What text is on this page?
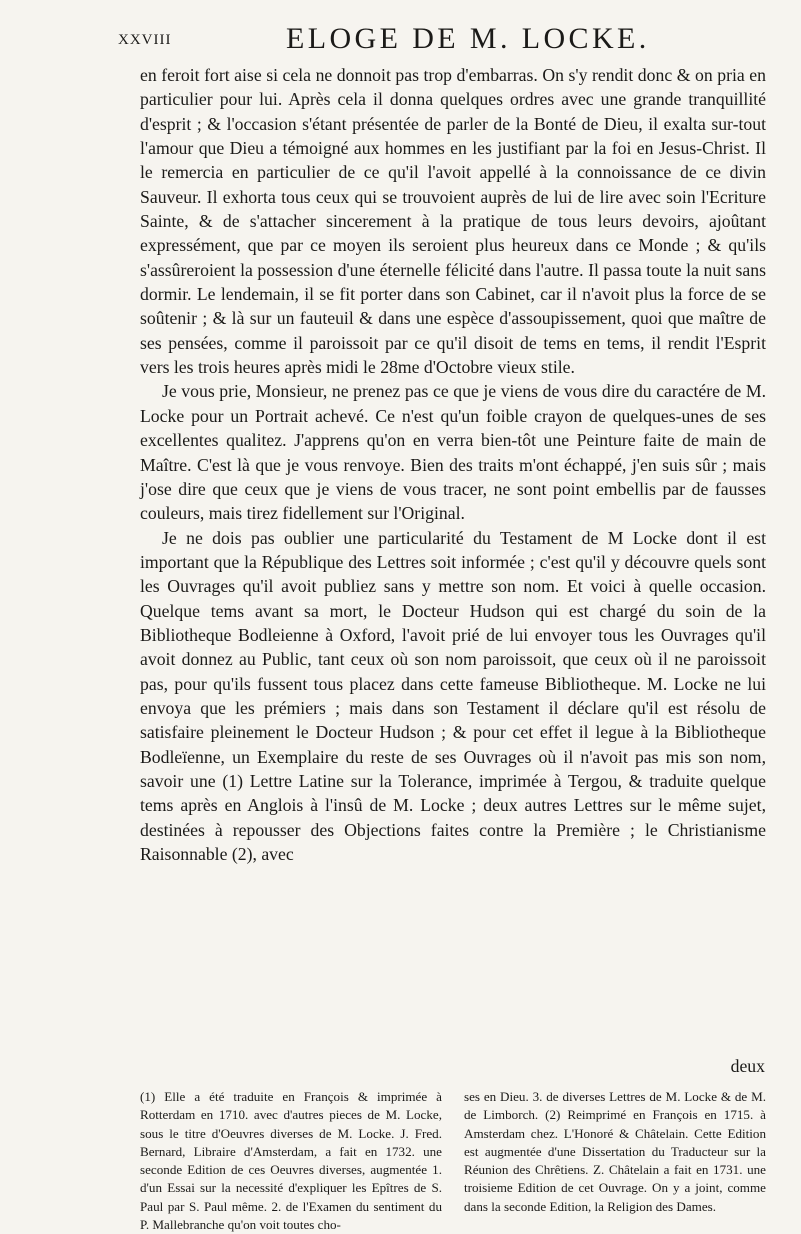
XXVIII	ELOGE DE M. LOCKE.

en feroit fort aise si cela ne donnoit pas trop d'embarras. On s'y rendit donc & on pria en particulier pour lui. Après cela il donna quelques ordres avec une grande tranquillité d'esprit ; & l'occasion s'étant présentée de parler de la Bonté de Dieu, il exalta sur-tout l'amour que Dieu a témoigné aux hommes en les justifiant par la foi en Jesus-Christ. Il le remercia en particulier de ce qu'il l'avoit appellé à la connoissance de ce divin Sauveur. Il exhorta tous ceux qui se trouvoient auprès de lui de lire avec soin l'Ecriture Sainte, & de s'attacher sincerement à la pratique de tous leurs devoirs, ajoûtant expressément, que par ce moyen ils seroient plus heureux dans ce Monde ; & qu'ils s'assûreroient la possession d'une éternelle félicité dans l'autre. Il passa toute la nuit sans dormir. Le lendemain, il se fit porter dans son Cabinet, car il n'avoit plus la force de se soûtenir ; & là sur un fauteuil & dans une espèce d'assoupissement, quoi que maître de ses pensées, comme il paroissoit par ce qu'il disoit de tems en tems, il rendit l'Esprit vers les trois heures après midi le 28me d'Octobre vieux stile.

Je vous prie, Monsieur, ne prenez pas ce que je viens de vous dire du caractére de M. Locke pour un Portrait achevé. Ce n'est qu'un foible crayon de quelques-unes de ses excellentes qualitez. J'apprens qu'on en verra bien-tôt une Peinture faite de main de Maître. C'est là que je vous renvoye. Bien des traits m'ont échappé, j'en suis sûr ; mais j'ose dire que ceux que je viens de vous tracer, ne sont point embellis par de fausses couleurs, mais tirez fidellement sur l'Original.

Je ne dois pas oublier une particularité du Testament de M Locke dont il est important que la République des Lettres soit informée ; c'est qu'il y découvre quels sont les Ouvrages qu'il avoit publiez sans y mettre son nom. Et voici à quelle occasion. Quelque tems avant sa mort, le Docteur Hudson qui est chargé du soin de la Bibliotheque Bodleienne à Oxford, l'avoit prié de lui envoyer tous les Ouvrages qu'il avoit donnez au Public, tant ceux où son nom paroissoit, que ceux où il ne paroissoit pas, pour qu'ils fussent tous placez dans cette fameuse Bibliotheque. M. Locke ne lui envoya que les prémiers ; mais dans son Testament il déclare qu'il est résolu de satisfaire pleinement le Docteur Hudson ; & pour cet effet il legue à la Bibliotheque Bodleïenne, un Exemplaire du reste de ses Ouvrages où il n'avoit pas mis son nom, savoir une (1) Lettre Latine sur la Tolerance, imprimée à Tergou, & traduite quelque tems après en Anglois à l'insû de M. Locke ; deux autres Lettres sur le même sujet, destinées à repousser des Objections faites contre la Première ; le Christianisme Raisonnable (2), avec

deux
(1) Elle a été traduite en François & imprimée à Rotterdam en 1710. avec d'autres pieces de M. Locke, sous le titre d'Oeuvres diverses de M. Locke. J. Fred. Bernard, Libraire d'Amsterdam, a fait en 1732. une seconde Edition de ces Oeuvres diverses, augmentée 1. d'un Essai sur la necessité d'expliquer les Epîtres de S. Paul par S. Paul même. 2. de l'Examen du sentiment du P. Mallebranche qu'on voit toutes cho-
ses en Dieu. 3. de diverses Lettres de M. Locke & de M. de Limborch. (2) Reimprimé en François en 1715. à Amsterdam chez. L'Honoré & Châtelain. Cette Edition est augmentée d'une Dissertation du Traducteur sur la Réunion des Chrêtiens. Z. Châtelain a fait en 1731. une troisieme Edition de cet Ouvrage. On y a joint, comme dans la seconde Edition, la Religion des Dames.
